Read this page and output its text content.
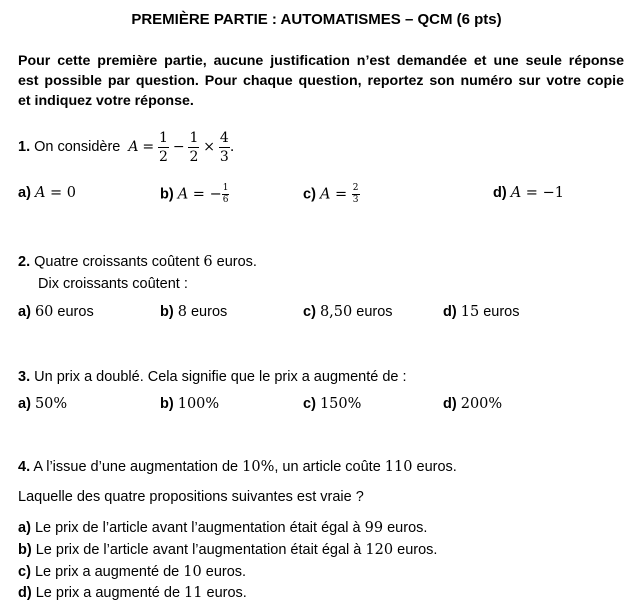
PREMIÈRE PARTIE : AUTOMATISMES – QCM (6 pts)
Pour cette première partie, aucune justification n’est demandée et une seule réponse
est possible par question. Pour chaque question, reportez son numéro sur votre copie
et indiquez votre réponse.
1. On considère $A = \frac{1}{2} - \frac{1}{2} \times \frac{4}{3}$ .
a) A = 0	b) A = − $\frac{1}{6}$	c) $A = \frac{2}{3}$	d) A = −1
2. Quatre croissants coûtent 6 euros.
Dix croissants coûtent :
a) 60 euros	b) 8 euros	c) 8,50 euros	d) 15 euros
3. Un prix a doublé. Cela signifie que le prix a augmenté de :
a) 50%	b) 100%	c) 150%	d) 200%
4. A l’issue d’une augmentation de 10%, un article coûte 110 euros.
Laquelle des quatre propositions suivantes est vraie ?
a) Le prix de l’article avant l’augmentation était égal à 99 euros.
b) Le prix de l’article avant l’augmentation était égal à 120 euros.
c) Le prix a augmenté de 10 euros.
d) Le prix a augmenté de 11 euros.
